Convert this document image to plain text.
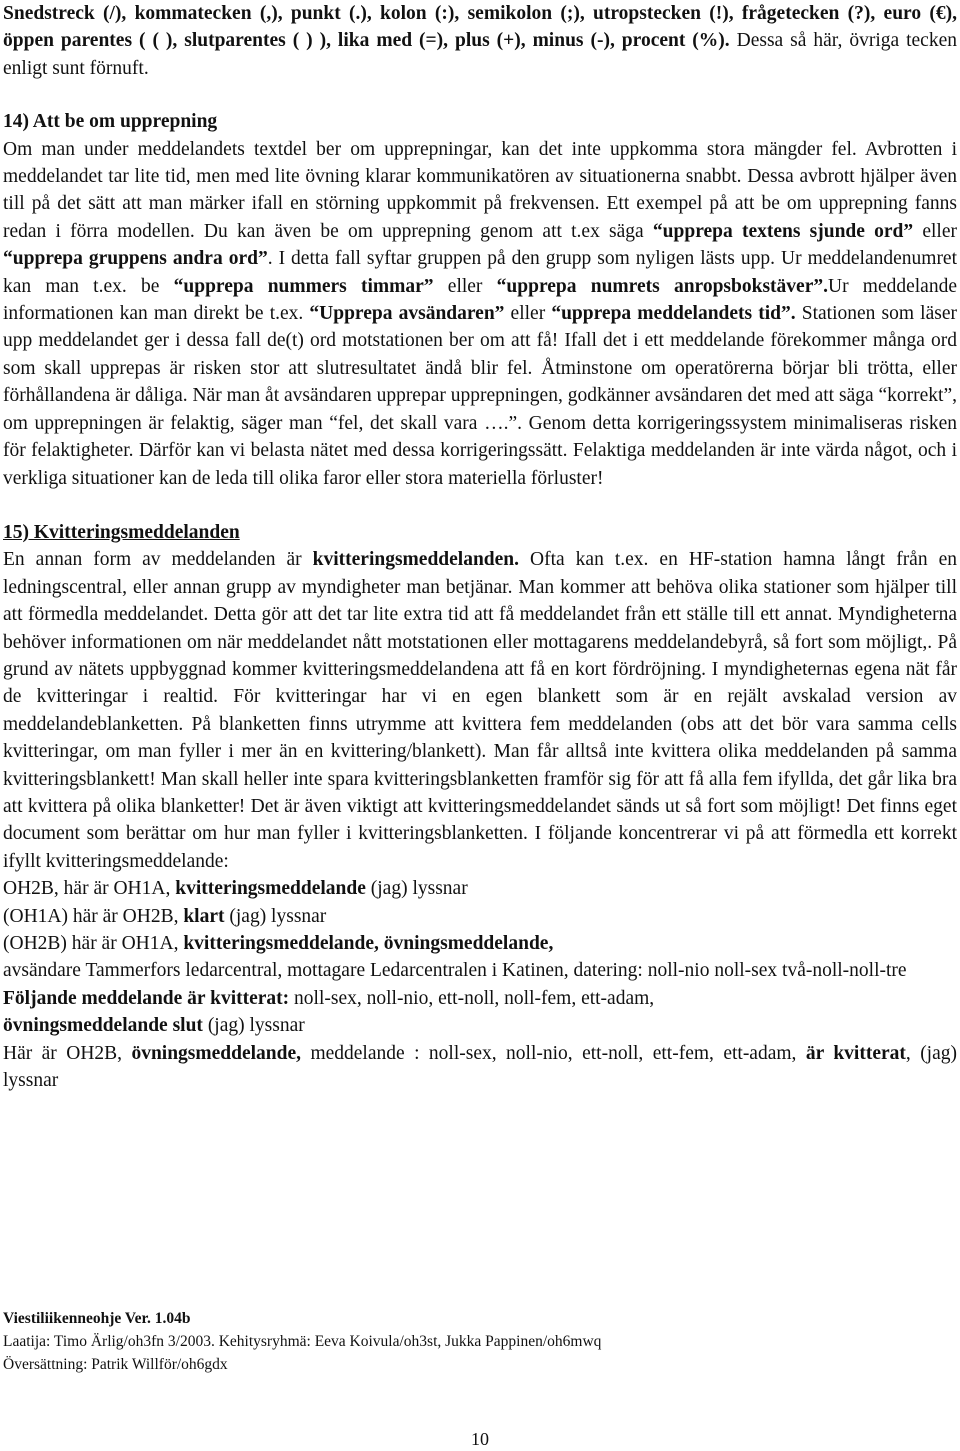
Snedstreck (/), kommatecken (,), punkt (.), kolon (:), semikolon (;), utropstecken (!), frågetecken (?), euro (€), öppen parentes ( ( ), slutparentes ( ) ), lika med (=), plus (+), minus (-), procent (%). Dessa så här, övriga tecken enligt sunt förnuft.

14) Att be om upprepning

Om man under meddelandets textdel ber om upprepningar, kan det inte uppkomma stora mängder fel. Avbrotten i meddelandet tar lite tid, men med lite övning klarar kommunikatören av situationerna snabbt. Dessa avbrott hjälper även till på det sätt att man märker ifall en störning uppkommit på frekvensen. Ett exempel på att be om upprepning fanns redan i förra modellen. Du kan även be om upprepning genom att t.ex säga “upprepa textens sjunde ord” eller “upprepa gruppens andra ord”. I detta fall syftar gruppen på den grupp som nyligen lästs upp. Ur meddelandenumret kan man t.ex. be “upprepa nummers timmar” eller “upprepa numrets anropsbokstäver”.Ur meddelande informationen kan man direkt be t.ex. “Upprepa avsändaren” eller “upprepa meddelandets tid”. Stationen som läser upp meddelandet ger i dessa fall de(t) ord motstationen ber om att få! Ifall det i ett meddelande förekommer många ord som skall upprepas är risken stor att slutresultatet ändå blir fel. Åtminstone om operatörerna börjar bli trötta, eller förhållandena är dåliga. När man åt avsändaren upprepar upprepningen, godkänner avsändaren det med att säga “korrekt”, om upprepningen är felaktig, säger man “fel, det skall vara ….”. Genom detta korrigeringssystem minimaliseras risken för felaktigheter. Därför kan vi belasta nätet med dessa korrigeringssätt. Felaktiga meddelanden är inte värda något, och i verkliga situationer kan de leda till olika faror eller stora materiella förluster!

15) Kvitteringsmeddelanden

En annan form av meddelanden är kvitteringsmeddelanden. Ofta kan t.ex. en HF-station hamna långt från en ledningscentral, eller annan grupp av myndigheter man betjänar. Man kommer att behöva olika stationer som hjälper till att förmedla meddelandet. Detta gör att det tar lite extra tid att få meddelandet från ett ställe till ett annat. Myndigheterna behöver informationen om när meddelandet nått motstationen eller mottagarens meddelandebyrå, så fort som möjligt,. På grund av nätets uppbyggnad kommer kvitteringsmeddelandena att få en kort fördröjning. I myndigheternas egena nät får de kvitteringar i realtid. För kvitteringar har vi en egen blankett som är en rejält avskalad version av meddelandeblanketten. På blanketten finns utrymme att kvittera fem meddelanden (obs att det bör vara samma cells kvitteringar, om man fyller i mer än en kvittering/blankett). Man får alltså inte kvittera olika meddelanden på samma kvitteringsblankett! Man skall heller inte spara kvitteringsblanketten framför sig för att få alla fem ifyllda, det går lika bra att kvittera på olika blanketter! Det är även viktigt att kvitteringsmeddelandet sänds ut så fort som möjligt! Det finns eget document som berättar om hur man fyller i kvitteringsblanketten. I följande koncentrerar vi på att förmedla ett korrekt ifyllt kvitteringsmeddelande:

OH2B, här är OH1A, kvitteringsmeddelande (jag) lyssnar

(OH1A) här är OH2B, klart (jag) lyssnar

(OH2B) här är OH1A, kvitteringsmeddelande, övningsmeddelande,

avsändare Tammerfors ledarcentral, mottagare Ledarcentralen i Katinen, datering: noll-nio noll-sex två-noll-noll-tre

Följande meddelande är kvitterat: noll-sex, noll-nio, ett-noll, noll-fem, ett-adam,

övningsmeddelande slut (jag) lyssnar

Här är OH2B, övningsmeddelande, meddelande : noll-sex, noll-nio, ett-noll, ett-fem, ett-adam, är kvitterat, (jag) lyssnar

Viestiliikenneohje Ver. 1.04b
Laatija: Timo Ärlig/oh3fn 3/2003. Kehitysryhmä: Eeva Koivula/oh3st, Jukka Pappinen/oh6mwq
Översättning: Patrik Willför/oh6gdx
10
